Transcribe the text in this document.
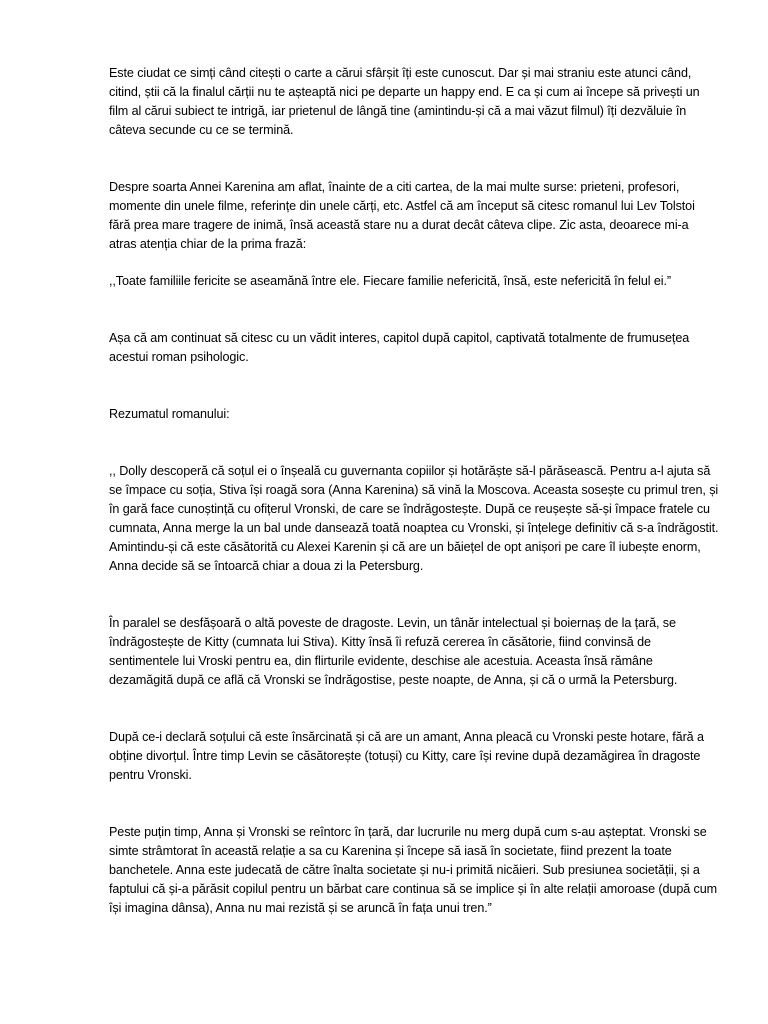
Este ciudat ce simți când citești o carte a cărui sfârșit îți este cunoscut. Dar și mai straniu este atunci când, citind, știi că la finalul cărții nu te așteaptă nici pe departe un happy end. E ca și cum ai începe să privești un film al cărui subiect te intrigă, iar prietenul de lângă tine (amintindu-și că a mai văzut filmul) îți dezvăluie în câteva secunde cu ce se termină.

Despre soarta Annei Karenina am aflat, înainte de a citi cartea, de la mai multe surse: prieteni, profesori, momente din unele filme, referințe din unele cărți, etc. Astfel că am început să citesc romanul lui Lev Tolstoi fără prea mare tragere de inimă, însă această stare nu a durat decât câteva clipe. Zic asta, deoarece mi-a atras atenția chiar de la prima frază:

,,Toate familiile fericite se aseamănă între ele. Fiecare familie nefericită, însă, este nefericită în felul ei.”

Așa că am continuat să citesc cu un vădit interes, capitol după capitol, captivată totalmente de frumusețea acestui roman psihologic.

Rezumatul romanului:

,, Dolly descoperă că soțul ei o înșeală cu guvernanta copiilor și hotărăște să-l părăsească. Pentru a-l ajuta să se împace cu soția, Stiva își roagă sora (Anna Karenina) să vină la Moscova. Aceasta sosește cu primul tren, și în gară face cunoștință cu ofițerul Vronski, de care se îndrăgostește. După ce reușește să-și împace fratele cu cumnata, Anna merge la un bal unde dansează toată noaptea cu Vronski, și înțelege definitiv că s-a îndrăgostit. Amintindu-și că este căsătorită cu Alexei Karenin și că are un băiețel de opt anișori pe care îl iubește enorm, Anna decide să se întoarcă chiar a doua zi la Petersburg.

În paralel se desfășoară o altă poveste de dragoste. Levin, un tânăr intelectual și boiernaș de la țară, se îndrăgostește de Kitty (cumnata lui Stiva). Kitty însă îi refuză cererea în căsătorie, fiind convinsă de sentimentele lui Vroski pentru ea, din flirturile evidente, deschise ale acestuia. Aceasta însă rămâne dezamăgită după ce află că Vronski se îndrăgostise, peste noapte, de Anna, și că o urmă la Petersburg.

După ce-i declară soțului că este însărcinată și că are un amant, Anna pleacă cu Vronski peste hotare, fără a obține divorțul. Între timp Levin se căsătorește (totuși) cu Kitty, care își revine după dezamăgirea în dragoste pentru Vronski.

Peste puțin timp, Anna și Vronski se reîntorc în țară, dar lucrurile nu merg după cum s-au așteptat. Vronski se simte strâmtorat în această relație a sa cu Karenina și începe să iasă în societate, fiind prezent la toate banchetele. Anna este judecată de către înalta societate și nu-i primită nicăieri. Sub presiunea societății, și a faptului că și-a părăsit copilul pentru un bărbat care continua să se implice și în alte relații amoroase (după cum își imagina dânsa), Anna nu mai rezistă și se aruncă în fața unui tren.”
